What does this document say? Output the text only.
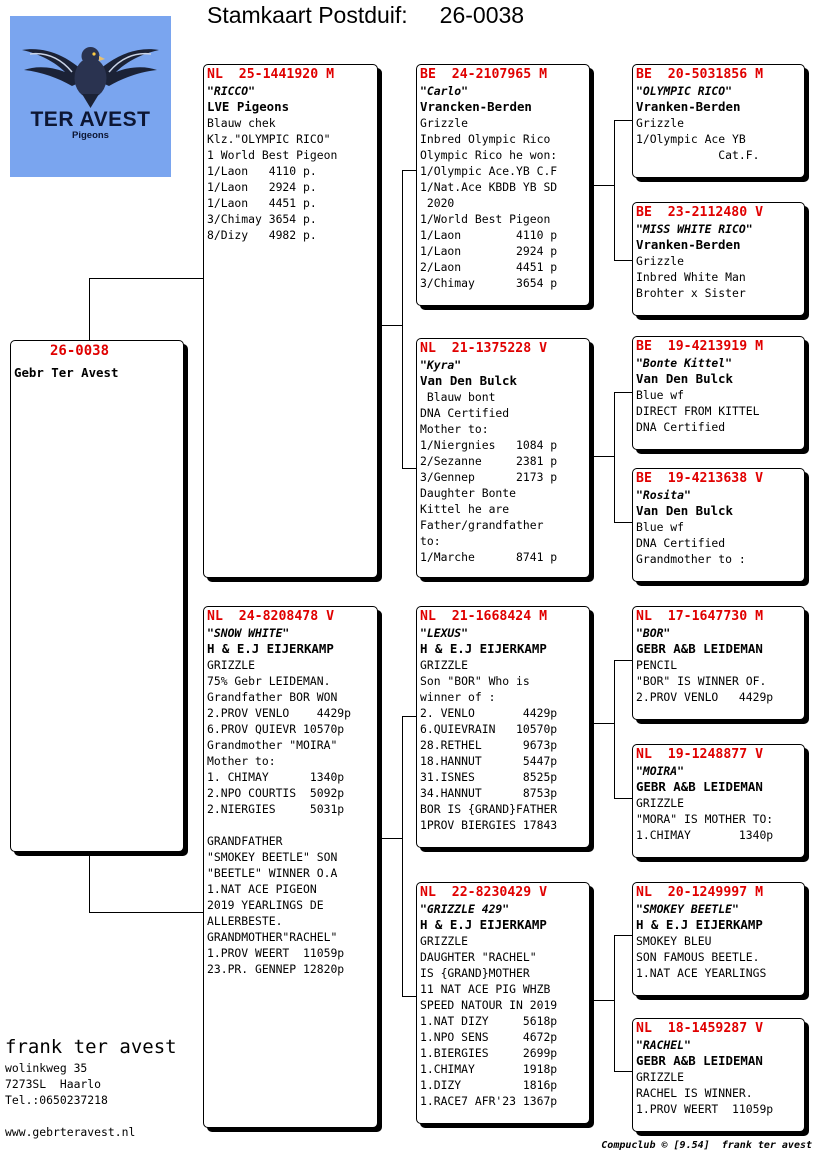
Stamkaart Postduif: 26-0038
TER AVEST
Pigeons
26-0038
Gebr Ter Avest
NL  25-1441920 M
"RICCO"
LVE Pigeons
Blauw chek
Klz."OLYMPIC RICO"
1 World Best Pigeon
1/Laon   4110 p.
1/Laon   2924 p.
1/Laon   4451 p.
3/Chimay 3654 p.
8/Dizy   4982 p.
NL  24-8208478 V
"SNOW WHITE"
H & E.J EIJERKAMP
GRIZZLE
75% Gebr LEIDEMAN.
Grandfather BOR WON
2.PROV VENLO    4429p
6.PROV QUIEVR 10570p
Grandmother "MOIRA"
Mother to:
1. CHIMAY      1340p
2.NPO COURTIS  5092p
2.NIERGIES     5031p
GRANDFATHER
"SMOKEY BEETLE" SON
"BEETLE" WINNER O.A
1.NAT ACE PIGEON
2019 YEARLINGS DE
ALLERBESTE.
GRANDMOTHER"RACHEL"
1.PROV WEERT  11059p
23.PR. GENNEP 12820p
BE  24-2107965 M
"Carlo"
Vrancken-Berden
Grizzle
Inbred Olympic Rico
Olympic Rico he won:
1/Olympic Ace.YB C.F
1/Nat.Ace KBDB YB SD
2020
1/World Best Pigeon
1/Laon        4110 p
1/Laon        2924 p
2/Laon        4451 p
3/Chimay      3654 p
NL  21-1375228 V
"Kyra"
Van Den Bulck
Blauw bont
DNA Certified
Mother to:
1/Niergnies   1084 p
2/Sezanne     2381 p
3/Gennep      2173 p
Daughter Bonte
Kittel he are
Father/grandfather
to:
1/Marche      8741 p
NL  21-1668424 M
"LEXUS"
H & E.J EIJERKAMP
GRIZZLE
Son "BOR" Who is
winner of :
2. VENLO       4429p
6.QUIEVRAIN   10570p
28.RETHEL      9673p
18.HANNUT      5447p
31.ISNES       8525p
34.HANNUT      8753p
BOR IS {GRAND}FATHER
1PROV BIERGIES 17843
NL  22-8230429 V
"GRIZZLE 429"
H & E.J EIJERKAMP
GRIZZLE
DAUGHTER "RACHEL"
IS {GRAND}MOTHER
11 NAT ACE PIG WHZB
SPEED NATOUR IN 2019
1.NAT DIZY     5618p
1.NPO SENS     4672p
1.BIERGIES     2699p
1.CHIMAY       1918p
1.DIZY         1816p
1.RACE7 AFR'23 1367p
BE  20-5031856 M
"OLYMPIC RICO"
Vranken-Berden
Grizzle
1/Olympic Ace YB
Cat.F.
BE  23-2112480 V
"MISS WHITE RICO"
Vranken-Berden
Grizzle
Inbred White Man
Brohter x Sister
BE  19-4213919 M
"Bonte Kittel"
Van Den Bulck
Blue wf
DIRECT FROM KITTEL
DNA Certified
BE  19-4213638 V
"Rosita"
Van Den Bulck
Blue wf
DNA Certified
Grandmother to :
NL  17-1647730 M
"BOR"
GEBR A&B LEIDEMAN
PENCIL
"BOR" IS WINNER OF.
2.PROV VENLO   4429p
NL  19-1248877 V
"MOIRA"
GEBR A&B LEIDEMAN
GRIZZLE
"MORA" IS MOTHER TO:
1.CHIMAY       1340p
NL  20-1249997 M
"SMOKEY BEETLE"
H & E.J EIJERKAMP
SMOKEY BLEU
SON FAMOUS BEETLE.
1.NAT ACE YEARLINGS
NL  18-1459287 V
"RACHEL"
GEBR A&B LEIDEMAN
GRIZZLE
RACHEL IS WINNER.
1.PROV WEERT  11059p
frank ter avest
wolinkweg 35
7273SL  Haarlo
Tel.:0650237218
www.gebrteravest.nl
Compuclub © [9.54]  frank ter avest
